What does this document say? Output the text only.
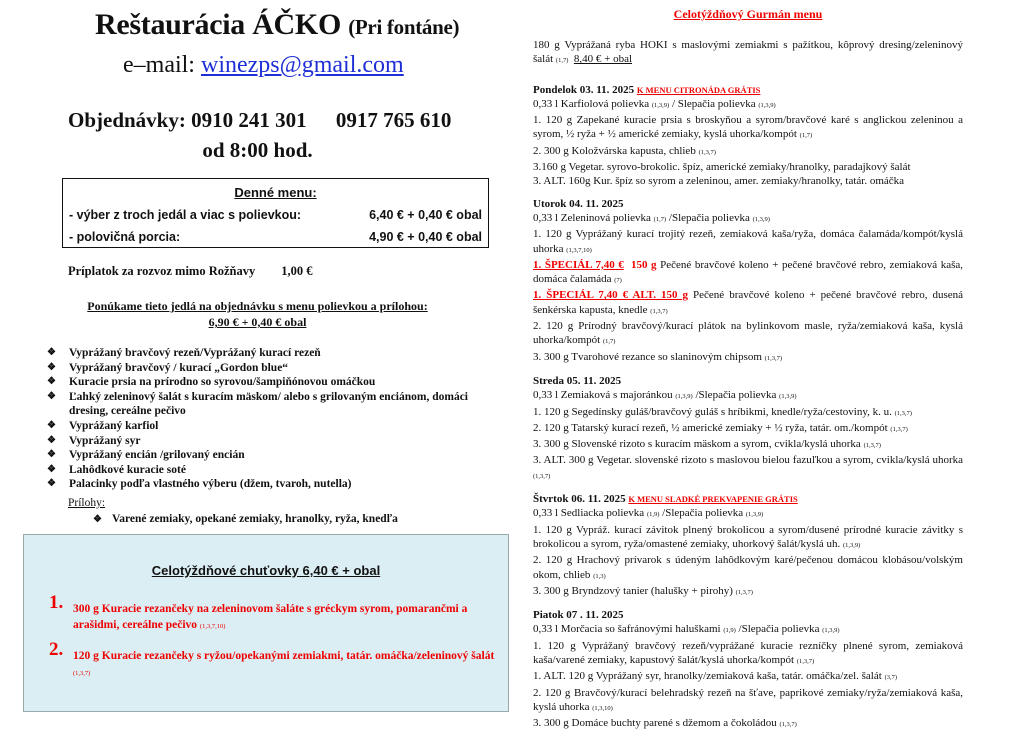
Reštaurácia ÁČKO (Pri fontáne)
e–mail: winezps@gmail.com
Objednávky: 0910 241 301 0917 765 610
od 8:00 hod.
Denné menu:
- výber z troch jedál a viac s polievkou:	6,40 € + 0,40 € obal
- polovičná porcia:	4,90 € + 0,40 € obal
Príplatok za rozvoz mimo Rožňavy 1,00 €
Ponúkame tieto jedlá na objednávku s menu polievkou a prílohou:
6,90 € + 0,40 € obal
❖ Vyprážaný bravčový rezeň/Vyprážaný kurací rezeň
❖ Vyprážaný bravčový / kurací „Gordon blue“
❖ Kuracie prsia na prírodno so syrovou/šampiňónovou omáčkou
❖ Ľahký zeleninový šalát s kuracím mäskom/ alebo s grilovaným enciánom, domáci dresing, cereálne pečivo
❖ Vyprážaný karfiol
❖ Vyprážaný syr
❖ Vyprážaný encián /grilovaný encián
❖ Lahôdkové kuracie soté
❖ Palacinky podľa vlastného výberu (džem, tvaroh, nutella)
Prílohy:
❖ Varené zemiaky, opekané zemiaky, hranolky, ryža, knedľa
Celotýždňové chuťovky 6,40 € + obal
1. 300 g Kuracie rezančeky na zeleninovom šaláte s gréckym syrom, pomarančmi a arašidmi, cereálne pečivo (1,3,7,10)
2. 120 g Kuracie rezančeky s ryžou/opekanými zemiakmi, tatár. omáčka/zeleninový šalát (1,3,7)
Celotýždňový Gurmán menu

180 g Vyprážaná ryba HOKI s maslovými zemiakmi s pažítkou, kôprový dresing/zeleninový šalát (1,7) 8,40 € + obal

Pondelok 03. 11. 2025 K MENU CITRONÁDA GRÁTIS

0,33 l Karfiolová polievka (1,3,9) / Slepačia polievka (1,3,9)

1. 120 g Zapekané kuracie prsia s broskyňou a syrom/bravčové karé s anglickou zeleninou a syrom, ½ ryža + ½ americké zemiaky, kyslá uhorka/kompót (1,7)

2. 300 g Koložvárska kapusta, chlieb (1,3,7)

3.160 g Vegetar. syrovo-brokolic. špíz, americké zemiaky/hranolky, paradajkový šalát

3. ALT. 160g Kur. špíz so syrom a zeleninou, amer. zemiaky/hranolky, tatár. omáčka

Utorok 04. 11. 2025

0,33 l Zeleninová polievka (1,7) /Slepačia polievka (1,3,9)

1. 120 g Vyprážaný kurací trojitý rezeň, zemiaková kaša/ryža, domáca čalamáda/kompót/kyslá uhorka (1,3,7,10)

1. ŠPECIÁL 7,40 € 150 g Pečené bravčové koleno + pečené bravčové rebro, zemiaková kaša, domáca čalamáda (7)

1. ŠPECIÁL 7,40 € ALT. 150 g Pečené bravčové koleno + pečené bravčové rebro, dusená šenkérska kapusta, knedle (1,3,7)

2. 120 g Prírodný bravčový/kurací plátok na bylinkovom masle, ryža/zemiaková kaša, kyslá uhorka/kompót (1,7)

3. 300 g Tvarohové rezance so slaninovým chipsom (1,3,7)

Streda 05. 11. 2025

0,33 l Zemiaková s majoránkou (1,3,9) /Slepačia polievka (1,3,9)

1. 120 g Segedínsky guláš/bravčový guláš s hríbikmi, knedle/ryža/cestoviny, k. u. (1,3,7)

2. 120 g Tatarský kurací rezeň, ½ americké zemiaky + ½ ryža, tatár. om./kompót (1,3,7)

3. 300 g Slovenské rizoto s kuracím mäskom a syrom, cvikla/kyslá uhorka (1,3,7)

3. ALT. 300 g Vegetar. slovenské rizoto s maslovou bielou fazuľkou a syrom, cvikla/kyslá uhorka (1,3,7)

Štvrtok 06. 11. 2025 K MENU SLADKÉ PREKVAPENIE GRÁTIS

0,33 l Sedliacka polievka (1,9) /Slepačia polievka (1,3,9)

1. 120 g Vypráž. kurací závitok plnený brokolicou a syrom/dusené prírodné kuracie závitky s brokolicou a syrom, ryža/omastené zemiaky, uhorkový šalát/kyslá uh. (1,3,9)

2. 120 g Hrachový prívarok s údeným lahôdkovým karé/pečenou domácou klobásou/volským okom, chlieb (1,3)

3. 300 g Bryndzový tanier (halušky + pirohy) (1,3,7)

Piatok 07 . 11. 2025

0,33 l Morčacia so šafránovými haluškami (1,9) /Slepačia polievka (1,3,9)

1. 120 g Vyprážaný bravčový rezeň/vyprážané kuracie rezníčky plnené syrom, zemiaková kaša/varené zemiaky, kapustový šalát/kyslá uhorka/kompót (1,3,7)

1. ALT. 120 g Vyprážaný syr, hranolky/zemiaková kaša, tatár. omáčka/zel. šalát (3,7)

2. 120 g Bravčový/kurací belehradský rezeň na šťave, paprikové zemiaky/ryža/zemiaková kaša, kyslá uhorka (1,3,10)

3. 300 g Domáce buchty parené s džemom a čokoládou (1,3,7)
